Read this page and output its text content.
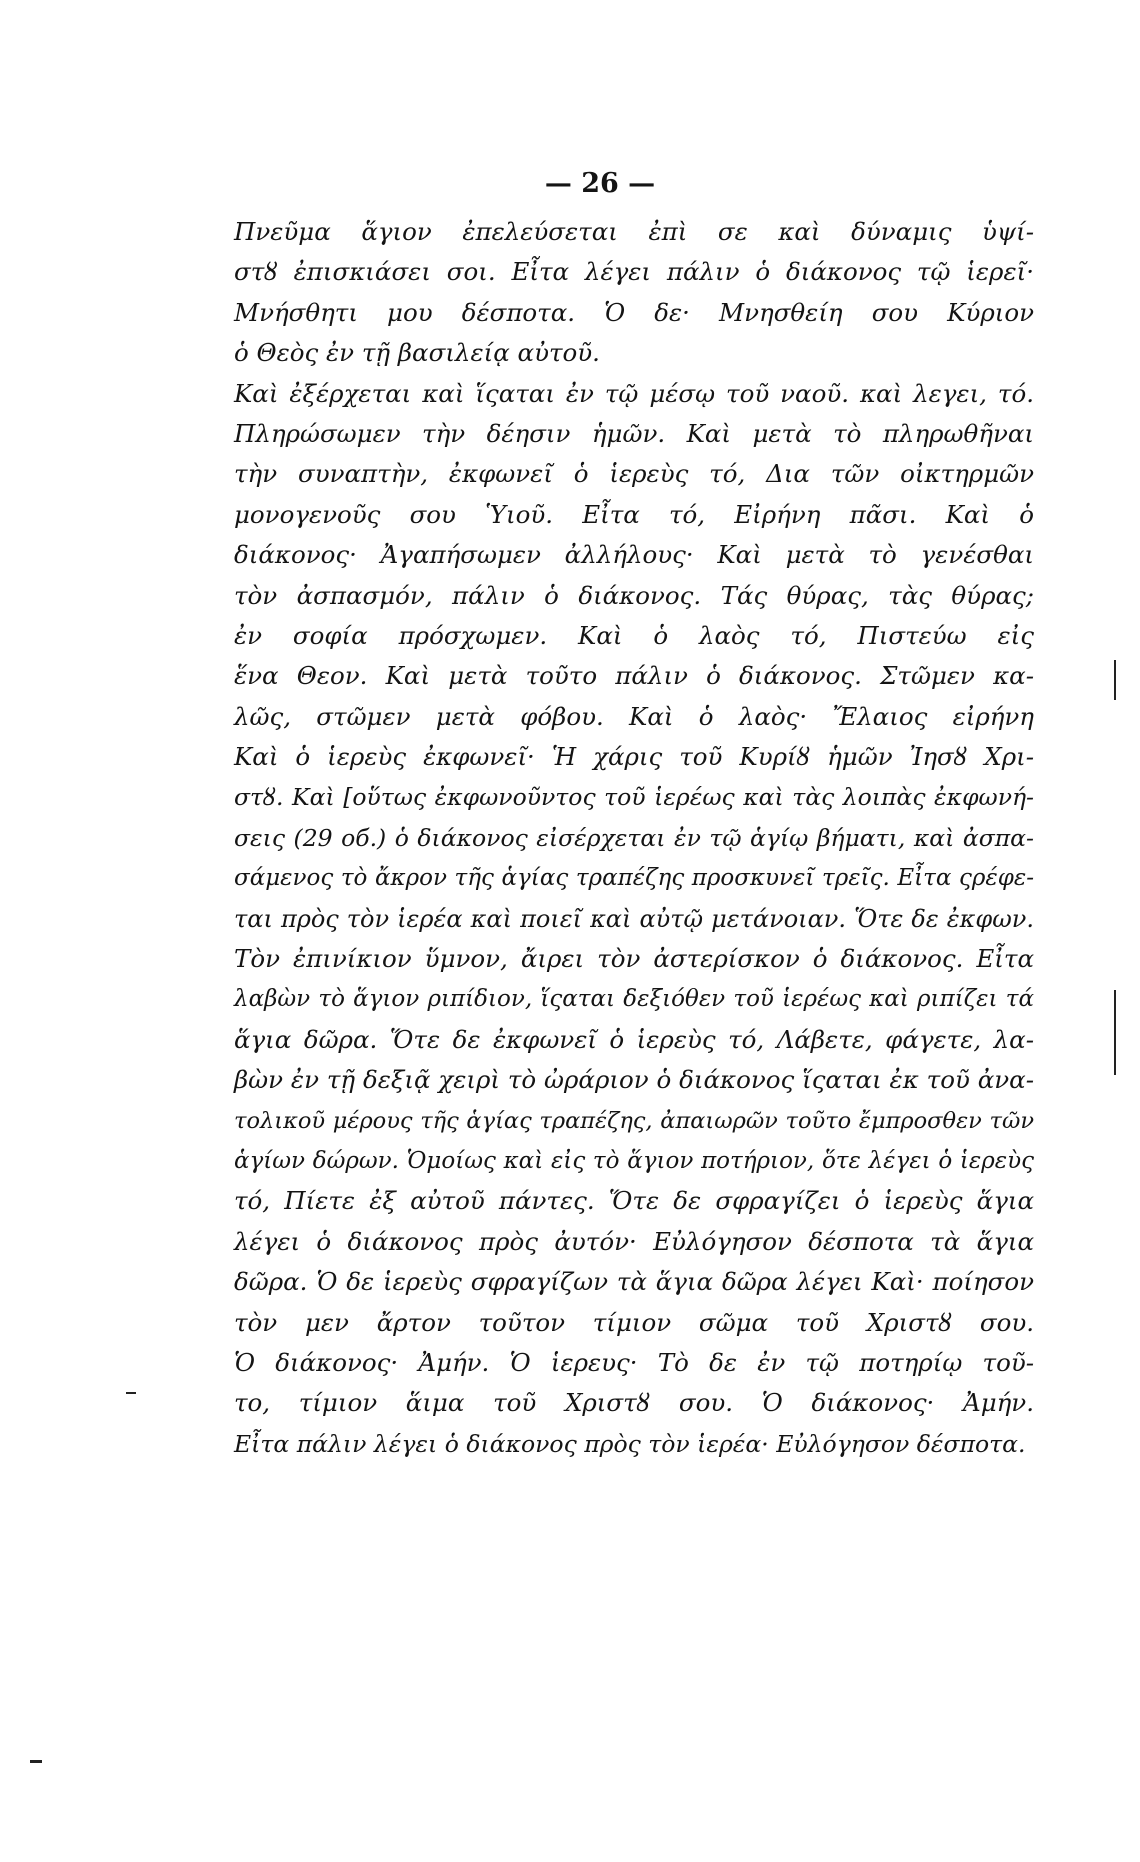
— 26 —
Πνεῦμα ἅγιον ἐπελεύσεται ἐπὶ σε καὶ δύναμις ὑψί-
στȣ ἐπισκιάσει σοι. Εἶτα λέγει πάλιν ὁ διάκονος τῷ ἱερεῖ·
Μνήσθητι μου δέσποτα. Ὁ δε· Μνησθείη σου Κύριον
ὁ Θεὸς ἐν τῇ βασιλείᾳ αὐτοῦ.
Καὶ ἐξέρχεται καὶ ἵςαται ἐν τῷ μέσῳ τοῦ ναοῦ. καὶ λεγει, τό.
Πληρώσωμεν τὴν δέησιν ἡμῶν. Καὶ μετὰ τὸ πληρωθῆναι
τὴν συναπτὴν, ἐκφωνεῖ ὁ ἱερεὺς τό, Δια τῶν οἰκτηρμῶν
μονογενοῦς σου Ὑιοῦ. Εἶτα τό, Εἰρήνη πᾶσι. Καὶ ὁ
διάκονος· Ἀγαπήσωμεν ἀλλήλους· Καὶ μετὰ τὸ γενέσθαι
τὸν ἀσπασμόν, πάλιν ὁ διάκονος. Τάς θύρας, τὰς θύρας;
ἐν σοφία πρόσχωμεν. Καὶ ὁ λαὸς τό, Πιστεύω εἰς
ἕνα Θεον. Καὶ μετὰ τοῦτο πάλιν ὁ διάκονος. Στῶμεν κα-
λῶς, στῶμεν μετὰ φόβου. Καὶ ὁ λαὸς· Ἔλαιος εἰρήνη
Καὶ ὁ ἱερεὺς ἐκφωνεῖ· Ἡ χάρις τοῦ Κυρίȣ ἡμῶν Ἰησȣ Χρι-
στȣ. Καὶ [οὕτως ἐκφωνοῦντος τοῦ ἱερέως καὶ τὰς λοιπὰς ἐκφωνή-
σεις (29 οб.) ὁ διάκονος εἰσέρχεται ἐν τῷ ἁγίῳ βήματι, καὶ ἀσπα-
σάμενος τὸ ἄκρον τῆς ἁγίας τραπέζης προσκυνεῖ τρεῖς. Εἶτα ςρέφε-
ται πρὸς τὸν ἱερέα καὶ ποιεῖ καὶ αὐτῷ μετάνοιαν. Ὅτε δε ἐκφων.
Τὸν ἐπινίκιον ὕμνον, ἄιρει τὸν ἀστερίσκον ὁ διάκονος. Εἶτα
λαβὼν τὸ ἅγιον ριπίδιον, ἵςαται δεξιόθεν τοῦ ἱερέως καὶ ριπίζει τά
ἅγια δῶρα. Ὅτε δε ἐκφωνεῖ ὁ ἱερεὺς τό, Λάβετε, φάγετε, λα-
βὼν ἐν τῇ δεξιᾷ χειρὶ τὸ ὠράριον ὁ διάκονος ἵςαται ἐκ τοῦ ἀνα-
τολικοῦ μέρους τῆς ἁγίας τραπέζης, ἀπαιωρῶν τοῦτο ἔμπροσθεν τῶν
ἁγίων δώρων. Ὁμοίως καὶ εἰς τὸ ἅγιον ποτήριον, ὅτε λέγει ὁ ἱερεὺς
τό, Πίετε ἐξ αὐτοῦ πάντες. Ὅτε δε σφραγίζει ὁ ἱερεὺς ἅγια
λέγει ὁ διάκονος πρὸς ἀυτόν· Εὐλόγησον δέσποτα τὰ ἅγια
δῶρα. Ὁ δε ἱερεὺς σφραγίζων τὰ ἅγια δῶρα λέγει Καὶ· ποίησον
τὸν μεν ἄρτον τοῦτον τίμιον σῶμα τοῦ Χριστȣ σου.
Ὁ διάκονος· Ἀμήν. Ὁ ἱερευς· Τὸ δε ἐν τῷ ποτηρίῳ τοῦ-
το, τίμιον ἅιμα τοῦ Χριστȣ σου. Ὁ διάκονος· Ἀμήν.
Εἶτα πάλιν λέγει ὁ διάκονος πρὸς τὸν ἱερέα· Εὐλόγησον δέσποτα.
